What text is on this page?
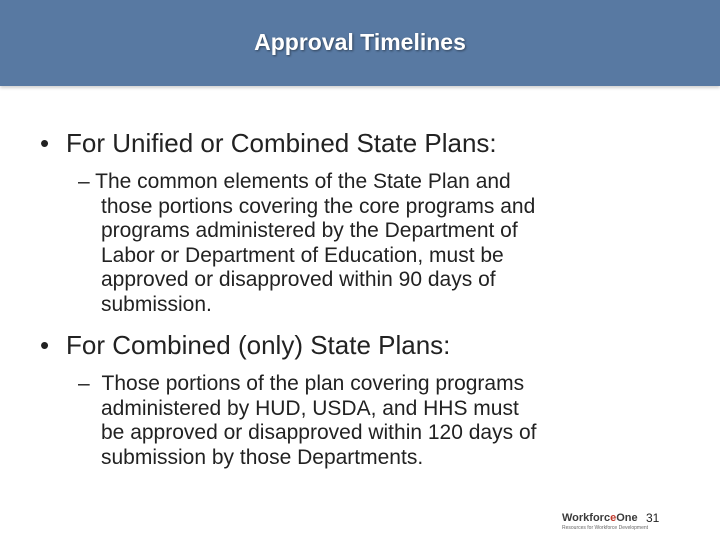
Approval Timelines
• For Unified or Combined State Plans:
– The common elements of the State Plan and
those portions covering the core programs and
programs administered by the Department of
Labor or Department of Education, must be
approved or disapproved within 90 days of
submission.
• For Combined (only) State Plans:
– Those portions of the plan covering programs
administered by HUD, USDA, and HHS must
be approved or disapproved within 120 days of
submission by those Departments.
WorkforceOne
Resources for Workforce Development
31
